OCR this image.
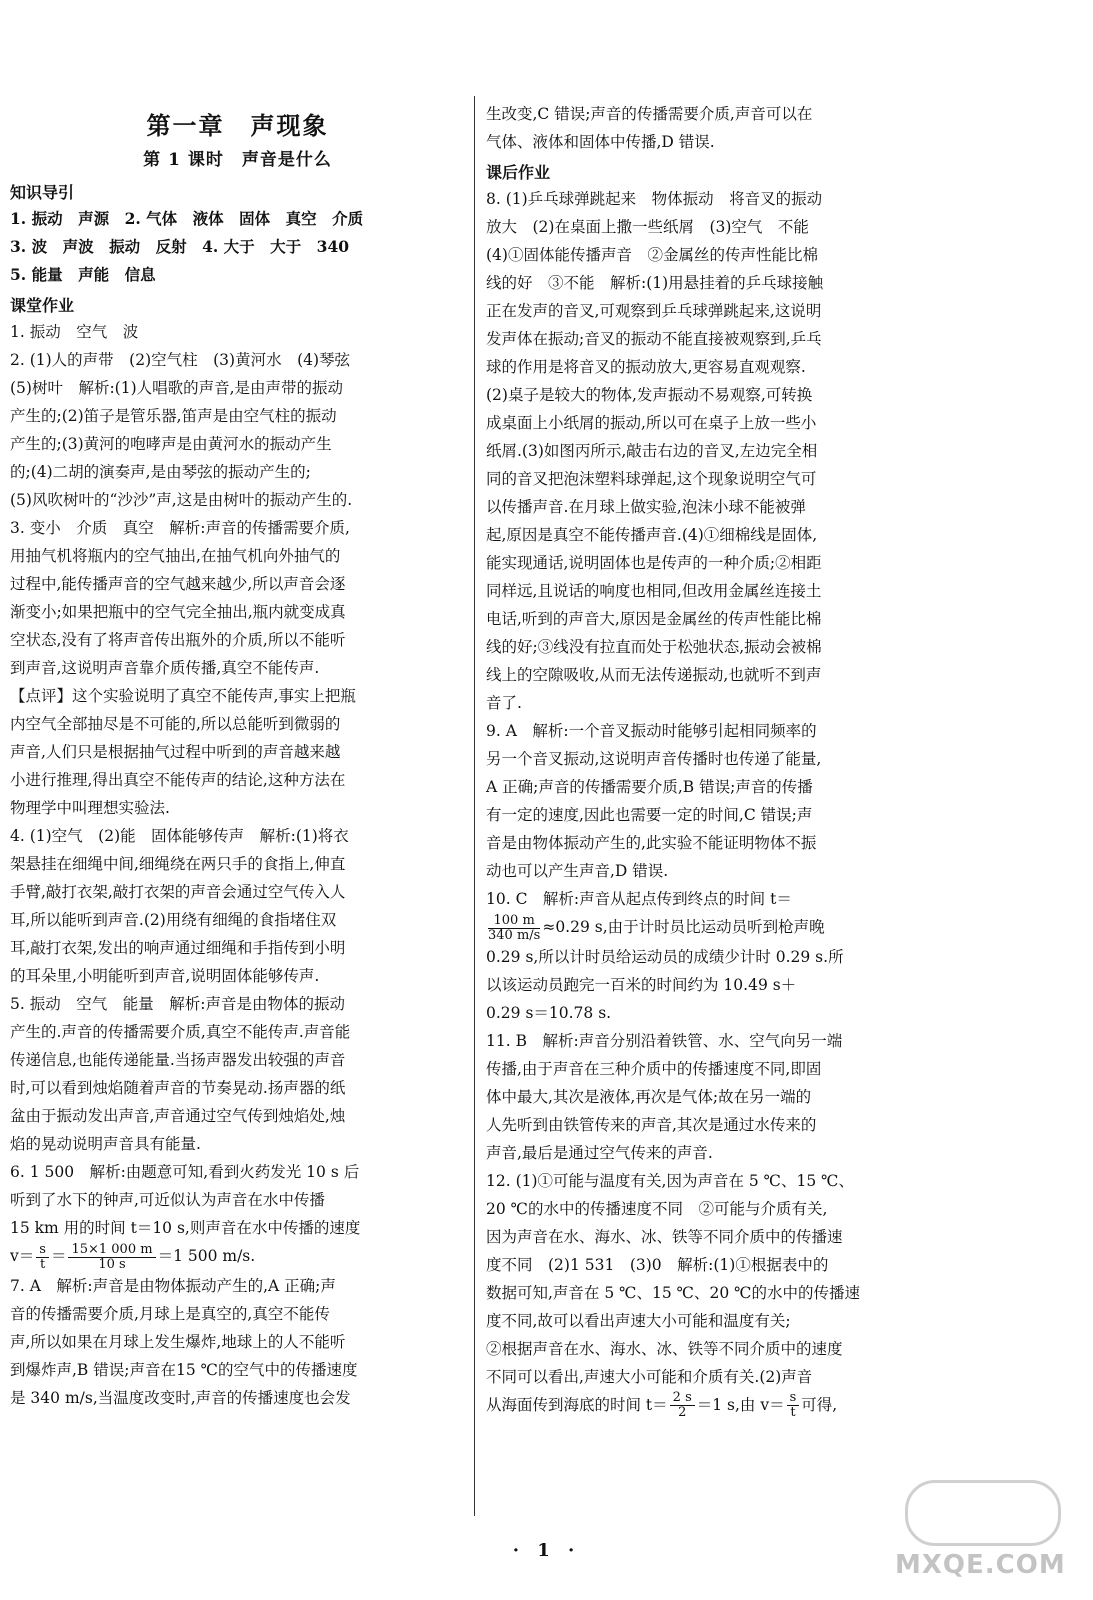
第一章　声现象
第 1 课时　声音是什么
知识导引

1. 振动　声源　2. 气体　液体　固体　真空　介质

3. 波　声波　振动　反射　4. 大于　大于　340

5. 能量　声能　信息

课堂作业

1. 振动　空气　波

2. (1)人的声带　(2)空气柱　(3)黄河水　(4)琴弦

(5)树叶　解析:(1)人唱歌的声音,是由声带的振动

产生的;(2)笛子是管乐器,笛声是由空气柱的振动

产生的;(3)黄河的咆哮声是由黄河水的振动产生

的;(4)二胡的演奏声,是由琴弦的振动产生的;

(5)风吹树叶的“沙沙”声,这是由树叶的振动产生的.

3. 变小　介质　真空　解析:声音的传播需要介质,

用抽气机将瓶内的空气抽出,在抽气机向外抽气的

过程中,能传播声音的空气越来越少,所以声音会逐

渐变小;如果把瓶中的空气完全抽出,瓶内就变成真

空状态,没有了将声音传出瓶外的介质,所以不能听

到声音,这说明声音靠介质传播,真空不能传声.

【点评】这个实验说明了真空不能传声,事实上把瓶

内空气全部抽尽是不可能的,所以总能听到微弱的

声音,人们只是根据抽气过程中听到的声音越来越

小进行推理,得出真空不能传声的结论,这种方法在

物理学中叫理想实验法.

4. (1)空气　(2)能　固体能够传声　解析:(1)将衣

架悬挂在细绳中间,细绳绕在两只手的食指上,伸直

手臂,敲打衣架,敲打衣架的声音会通过空气传入人

耳,所以能听到声音.(2)用绕有细绳的食指堵住双

耳,敲打衣架,发出的响声通过细绳和手指传到小明

的耳朵里,小明能听到声音,说明固体能够传声.

5. 振动　空气　能量　解析:声音是由物体的振动

产生的.声音的传播需要介质,真空不能传声.声音能

传递信息,也能传递能量.当扬声器发出较强的声音

时,可以看到烛焰随着声音的节奏晃动.扬声器的纸

盆由于振动发出声音,声音通过空气传到烛焰处,烛

焰的晃动说明声音具有能量.

6. 1 500　解析:由题意可知,看到火药发光 10 s 后

听到了水下的钟声,可近似认为声音在水中传播

15 km 用的时间 t＝10 s,则声音在水中传播的速度

$v= \frac{s}{t} = \frac{15\times 1 000 m}{10 s} =1$ 500 m/s.

7. A　解析:声音是由物体振动产生的,A 正确;声

音的传播需要介质,月球上是真空的,真空不能传

声,所以如果在月球上发生爆炸,地球上的人不能听

到爆炸声,B 错误;声音在15 ℃的空气中的传播速度

是 340 m/s,当温度改变时,声音的传播速度也会发

生改变,C 错误;声音的传播需要介质,声音可以在

气体、液体和固体中传播,D 错误.

课后作业

8. (1)乒乓球弹跳起来　物体振动　将音叉的振动

放大　(2)在桌面上撒一些纸屑　(3)空气　不能

(4)①固体能传播声音　②金属丝的传声性能比棉

线的好　③不能　解析:(1)用悬挂着的乒乓球接触

正在发声的音叉,可观察到乒乓球弹跳起来,这说明

发声体在振动;音叉的振动不能直接被观察到,乒乓

球的作用是将音叉的振动放大,更容易直观观察.

(2)桌子是较大的物体,发声振动不易观察,可转换

成桌面上小纸屑的振动,所以可在桌子上放一些小

纸屑.(3)如图丙所示,敲击右边的音叉,左边完全相

同的音叉把泡沫塑料球弹起,这个现象说明空气可

以传播声音.在月球上做实验,泡沫小球不能被弹

起,原因是真空不能传播声音.(4)①细棉线是固体,

能实现通话,说明固体也是传声的一种介质;②相距

同样远,且说话的响度也相同,但改用金属丝连接土

电话,听到的声音大,原因是金属丝的传声性能比棉

线的好;③线没有拉直而处于松弛状态,振动会被棉

线上的空隙吸收,从而无法传递振动,也就听不到声

音了.

9. A　解析:一个音叉振动时能够引起相同频率的

另一个音叉振动,这说明声音传播时也传递了能量,

A 正确;声音的传播需要介质,B 错误;声音的传播

有一定的速度,因此也需要一定的时间,C 错误;声

音是由物体振动产生的,此实验不能证明物体不振

动也可以产生声音,D 错误.

10. C　解析:声音从起点传到终点的时间 t＝

$\frac{100 m}{340 m/s} \approx 0.29$ s,由于计时员比运动员听到枪声晚

0.29 s,所以计时员给运动员的成绩少计时 0.29 s.所

以该运动员跑完一百米的时间约为 10.49 s＋

0.29 s＝10.78 s.

11. B　解析:声音分别沿着铁管、水、空气向另一端

传播,由于声音在三种介质中的传播速度不同,即固

体中最大,其次是液体,再次是气体;故在另一端的

人先听到由铁管传来的声音,其次是通过水传来的

声音,最后是通过空气传来的声音.

12. (1)①可能与温度有关,因为声音在 5 ℃、15 ℃、

20 ℃的水中的传播速度不同　②可能与介质有关,

因为声音在水、海水、冰、铁等不同介质中的传播速

度不同　(2)1 531　(3)0　解析:(1)①根据表中的

数据可知,声音在 5 ℃、15 ℃、20 ℃的水中的传播速

度不同,故可以看出声速大小可能和温度有关;

②根据声音在水、海水、冰、铁等不同介质中的速度

不同可以看出,声速大小可能和介质有关.(2)声音

从海面传到海底的时间 $t= \frac{2 s}{2} =1$ s,由 $v= \frac{s}{t}$ 可得,

· 1 ·	MXQE.COM
